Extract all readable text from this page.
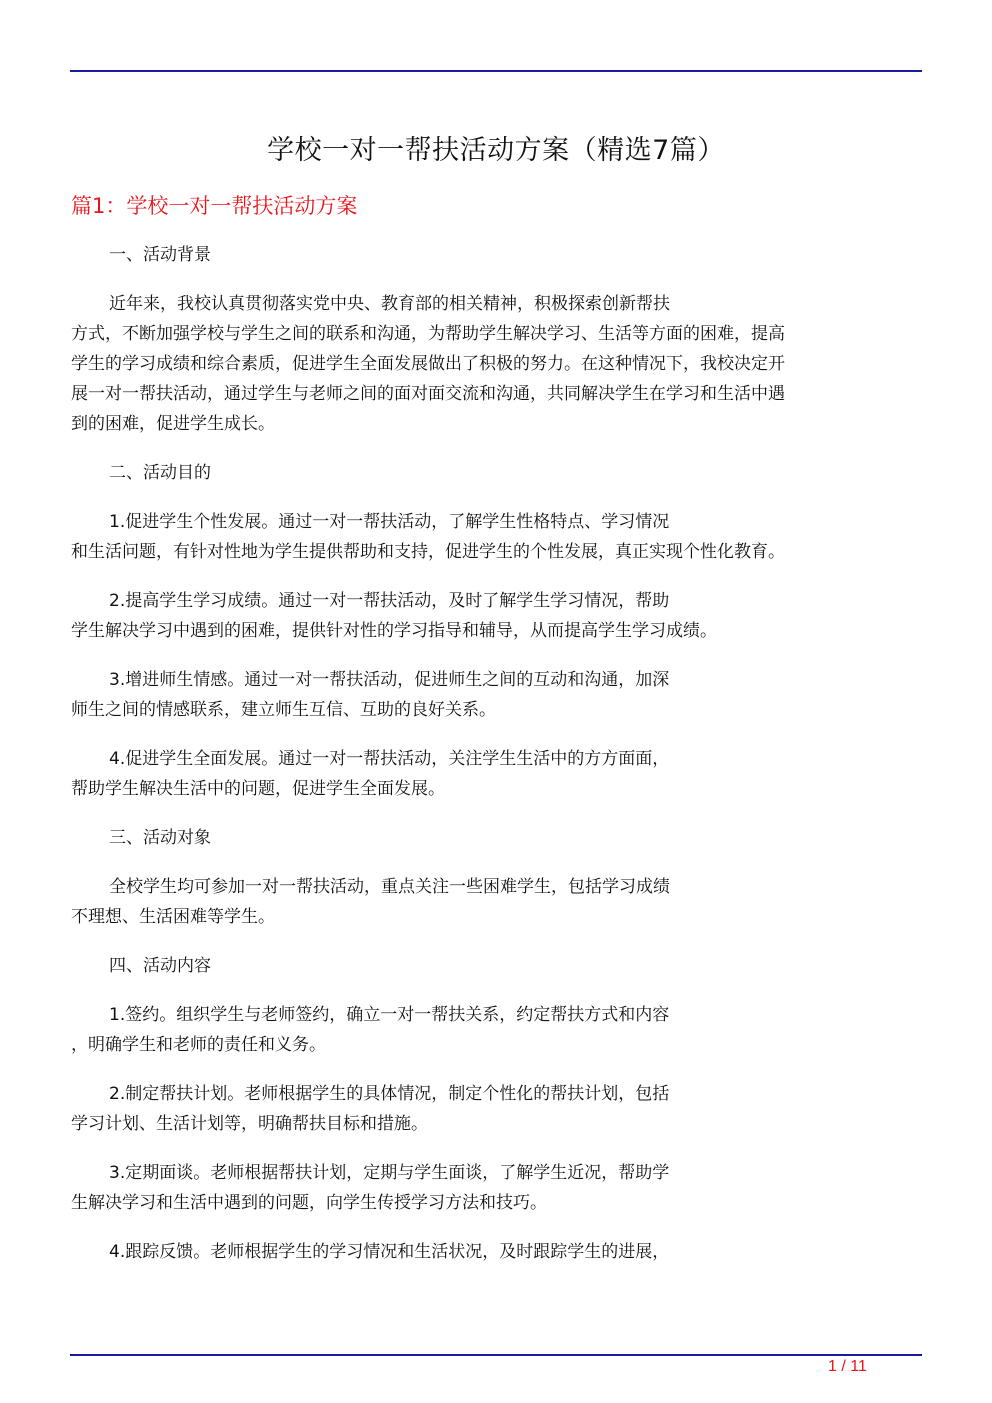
学校一对一帮扶活动方案（精选7篇）
篇1：学校一对一帮扶活动方案

一、活动背景

近年来，我校认真贯彻落实党中央、教育部的相关精神，积极探索创新帮扶
方式，不断加强学校与学生之间的联系和沟通，为帮助学生解决学习、生活等方面的困难，提高
学生的学习成绩和综合素质，促进学生全面发展做出了积极的努力。在这种情况下，我校决定开
展一对一帮扶活动，通过学生与老师之间的面对面交流和沟通，共同解决学生在学习和生活中遇
到的困难，促进学生成长。

二、活动目的

1.促进学生个性发展。通过一对一帮扶活动，了解学生性格特点、学习情况
和生活问题，有针对性地为学生提供帮助和支持，促进学生的个性发展，真正实现个性化教育。

2.提高学生学习成绩。通过一对一帮扶活动，及时了解学生学习情况，帮助
学生解决学习中遇到的困难，提供针对性的学习指导和辅导，从而提高学生学习成绩。

3.增进师生情感。通过一对一帮扶活动，促进师生之间的互动和沟通，加深
师生之间的情感联系，建立师生互信、互助的良好关系。

4.促进学生全面发展。通过一对一帮扶活动，关注学生生活中的方方面面，
帮助学生解决生活中的问题，促进学生全面发展。

三、活动对象

全校学生均可参加一对一帮扶活动，重点关注一些困难学生，包括学习成绩
不理想、生活困难等学生。

四、活动内容

1.签约。组织学生与老师签约，确立一对一帮扶关系，约定帮扶方式和内容
，明确学生和老师的责任和义务。

2.制定帮扶计划。老师根据学生的具体情况，制定个性化的帮扶计划，包括
学习计划、生活计划等，明确帮扶目标和措施。

3.定期面谈。老师根据帮扶计划，定期与学生面谈，了解学生近况，帮助学
生解决学习和生活中遇到的问题，向学生传授学习方法和技巧。

4.跟踪反馈。老师根据学生的学习情况和生活状况，及时跟踪学生的进展，

1 / 11
